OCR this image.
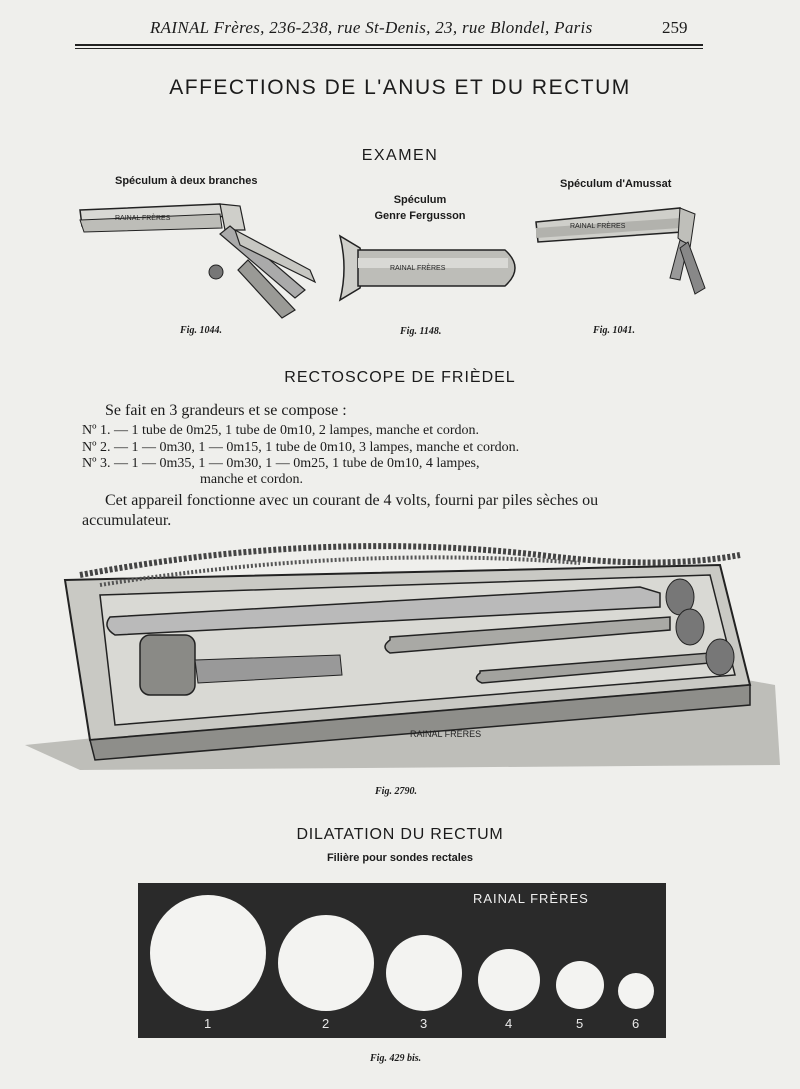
RAINAL Frères, 236-238, rue St-Denis, 23, rue Blondel, Paris	259
AFFECTIONS DE L'ANUS ET DU RECTUM
EXAMEN
Spéculum à deux branches
Spéculum
Genre Fergusson
Spéculum d'Amussat
RAINAL FRÈRES
RAINAL FRÈRES
RAINAL FRÈRES
Fig. 1044.	Fig. 1148.	Fig. 1041.
RECTOSCOPE DE FRIÈDEL
Se fait en 3 grandeurs et se compose :
Nº 1. — 1 tube de 0m25, 1 tube de 0m10, 2 lampes, manche et cordon.
Nº 2. — 1 — 0m30, 1 — 0m15, 1 tube de 0m10, 3 lampes, manche et cordon.
Nº 3. — 1 — 0m35, 1 — 0m30, 1 — 0m25, 1 tube de 0m10, 4 lampes,
manche et cordon.
Cet appareil fonctionne avec un courant de 4 volts, fourni par piles sèches ou
accumulateur.
RAINAL FRÈRES
Fig. 2790.
DILATATION DU RECTUM
Filière pour sondes rectales
RAINAL FRÈRES
1	2	3	4	5	6
Fig. 429 bis.
